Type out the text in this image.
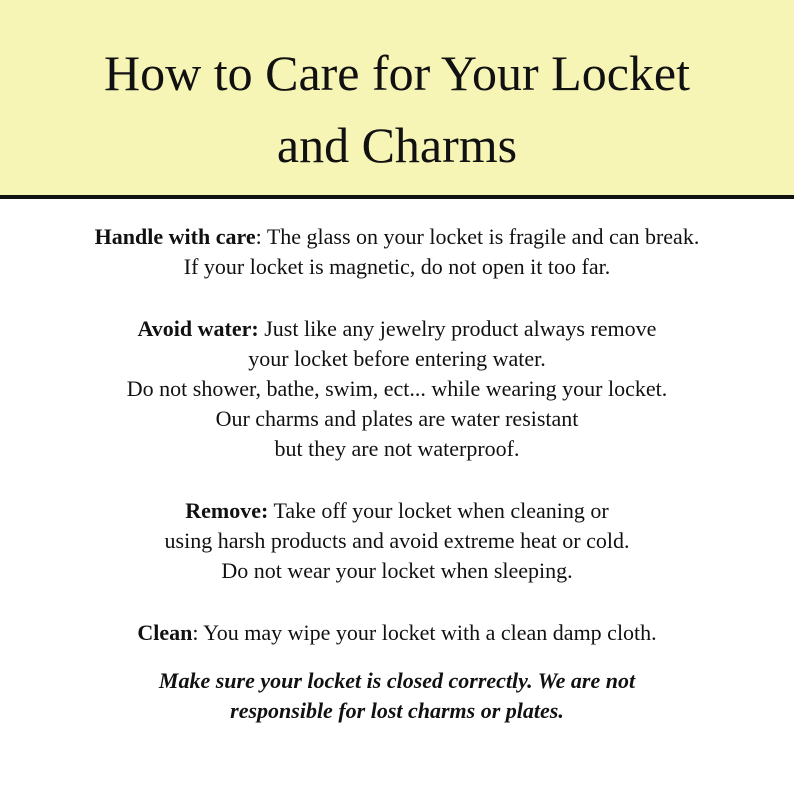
How to Care for Your Locket
and Charms
Handle with care: The glass on your locket is fragile and can break.
If your locket is magnetic, do not open it too far.
Avoid water: Just like any jewelry product always remove
your locket before entering water.
Do not shower, bathe, swim, ect... while wearing your locket.
Our charms and plates are water resistant
but they are not waterproof.
Remove: Take off your locket when cleaning or
using harsh products and avoid extreme heat or cold.
Do not wear your locket when sleeping.
Clean: You may wipe your locket with a clean damp cloth.
Make sure your locket is closed correctly. We are not
responsible for lost charms or plates.
